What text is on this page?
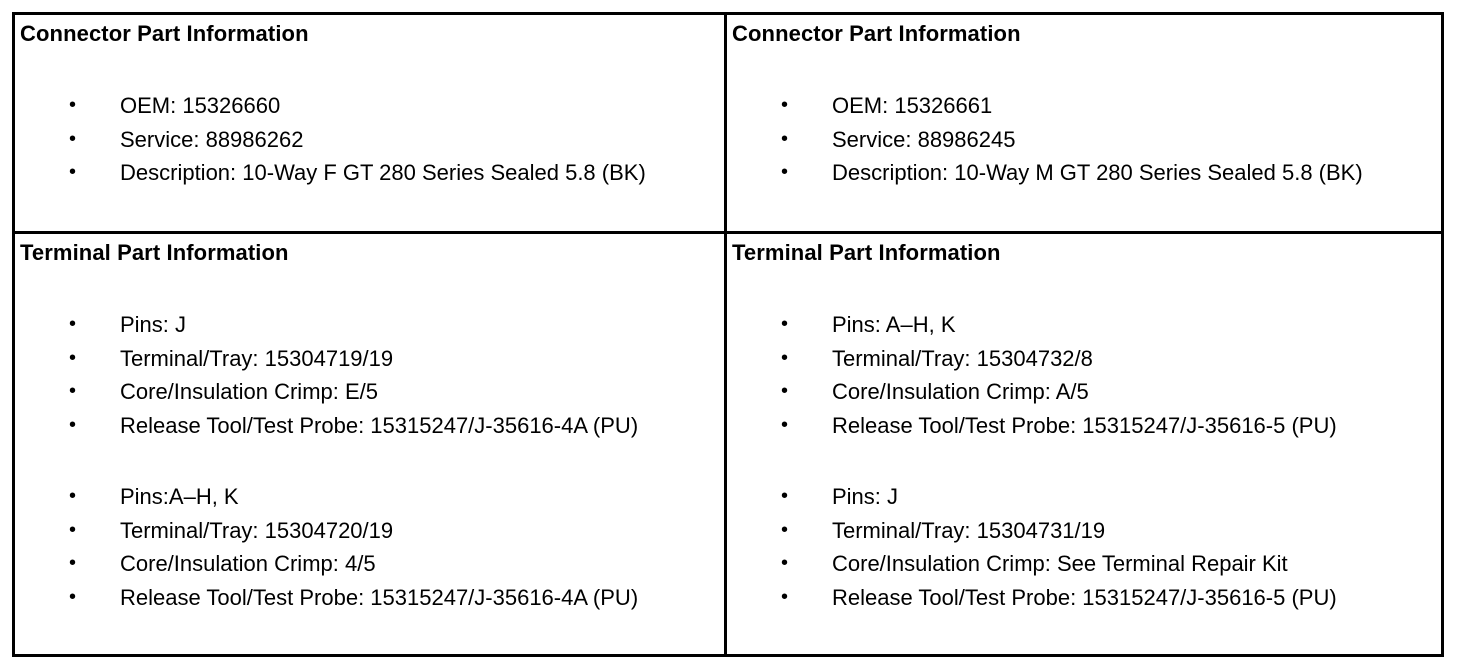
Connector Part Information
• OEM: 15326660
• Service: 88986262
• Description: 10-Way F GT 280 Series Sealed 5.8 (BK)
Connector Part Information
• OEM: 15326661
• Service: 88986245
• Description: 10-Way M GT 280 Series Sealed 5.8 (BK)
Terminal Part Information
• Pins: J
• Terminal/Tray: 15304719/19
• Core/Insulation Crimp: E/5
• Release Tool/Test Probe: 15315247/J-35616-4A (PU)
• Pins:A–H, K
• Terminal/Tray: 15304720/19
• Core/Insulation Crimp: 4/5
• Release Tool/Test Probe: 15315247/J-35616-4A (PU)
Terminal Part Information
• Pins: A–H, K
• Terminal/Tray: 15304732/8
• Core/Insulation Crimp: A/5
• Release Tool/Test Probe: 15315247/J-35616-5 (PU)
• Pins: J
• Terminal/Tray: 15304731/19
• Core/Insulation Crimp: See Terminal Repair Kit
• Release Tool/Test Probe: 15315247/J-35616-5 (PU)
